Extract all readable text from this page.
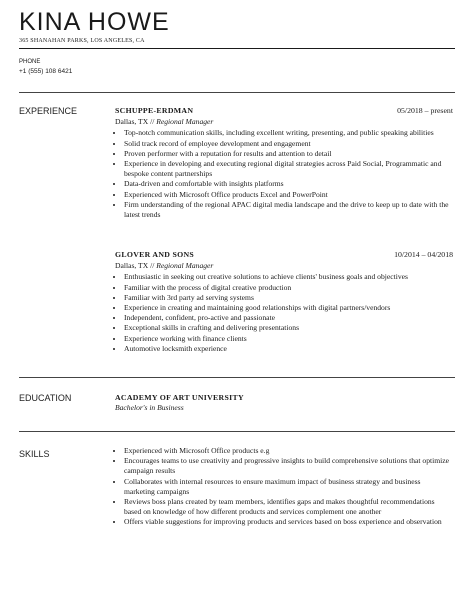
KINA HOWE
365 SHANAHAN PARKS, LOS ANGELES, CA
PHONE
+1 (555) 108 6421
EXPERIENCE	SCHUPPE-ERDMAN	05/2018 – present
Dallas, TX // Regional Manager
• Top-notch communication skills, including excellent writing, presenting, and public speaking abilities
• Solid track record of employee development and engagement
• Proven performer with a reputation for results and attention to detail
• Experience in developing and executing regional digital strategies across Paid Social, Programmatic and bespoke content partnerships
• Data-driven and comfortable with insights platforms
• Experienced with Microsoft Office products Excel and PowerPoint
• Firm understanding of the regional APAC digital media landscape and the drive to keep up to date with the latest trends
GLOVER AND SONS	10/2014 – 04/2018
Dallas, TX // Regional Manager
• Enthusiastic in seeking out creative solutions to achieve clients' business goals and objectives
• Familiar with the process of digital creative production
• Familiar with 3rd party ad serving systems
• Experience in creating and maintaining good relationships with digital partners/vendors
• Independent, confident, pro-active and passionate
• Exceptional skills in crafting and delivering presentations
• Experience working with finance clients
• Automotive locksmith experience
EDUCATION	ACADEMY OF ART UNIVERSITY
Bachelor's in Business
SKILLS
•	Experienced with Microsoft Office products e.g
• Encourages teams to use creativity and progressive insights to build comprehensive solutions that optimize campaign results
• Collaborates with internal resources to ensure maximum impact of business strategy and business marketing campaigns
• Reviews boss plans created by team members, identifies gaps and makes thoughtful recommendations based on knowledge of how different products and services complement one another
• Offers viable suggestions for improving products and services based on boss experience and observation
